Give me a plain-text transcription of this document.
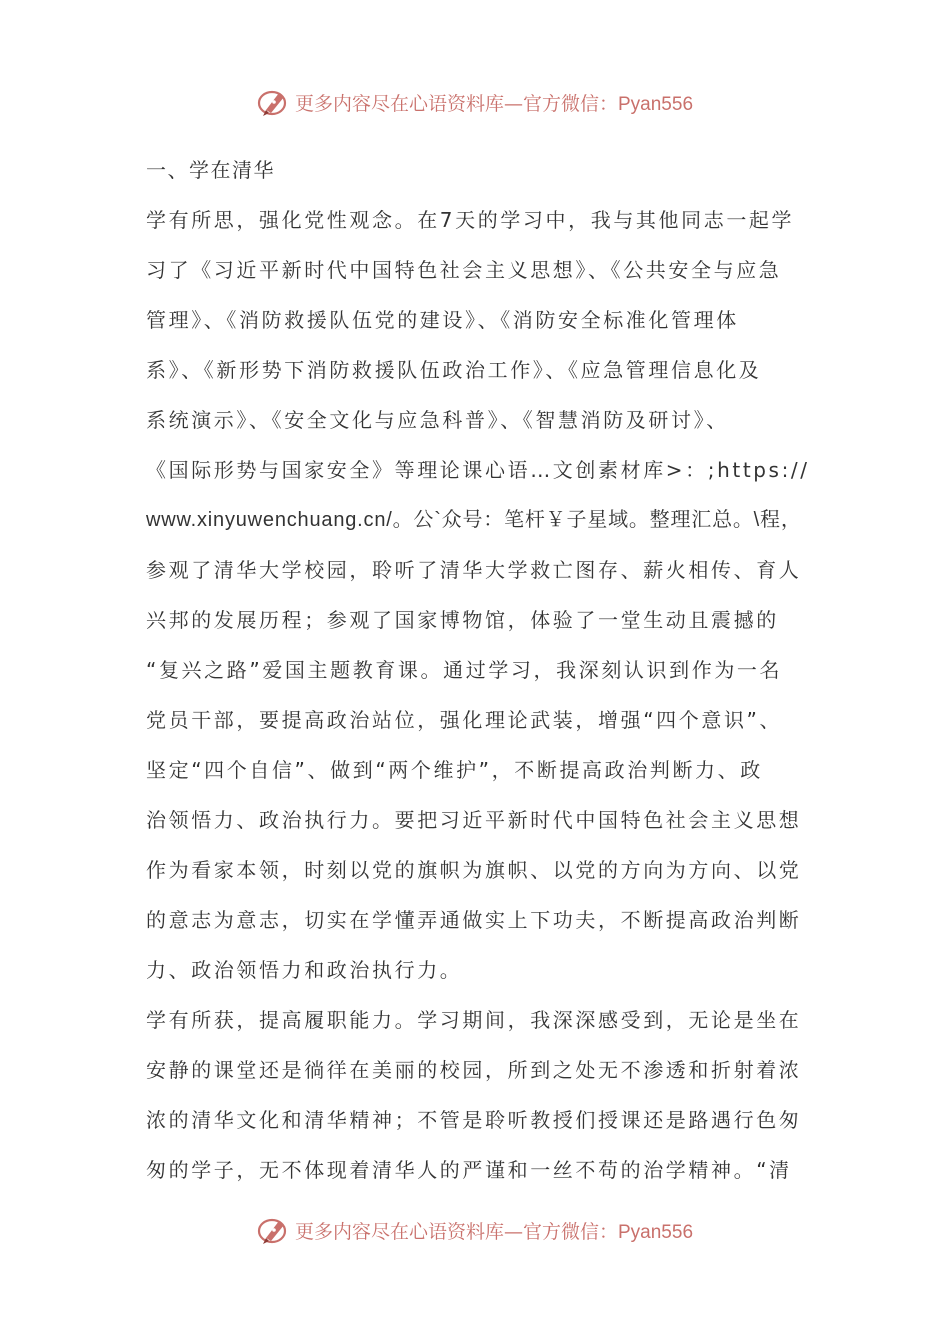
更多内容尽在心语资料库—官方微信：Pyan556
一、学在清华
学有所思，强化党性观念。在7天的学习中，我与其他同志一起学
习了《习近平新时代中国特色社会主义思想》、《公共安全与应急
管理》、《消防救援队伍党的建设》、《消防安全标准化管理体
系》、《新形势下消防救援队伍政治工作》、《应急管理信息化及
系统演示》、《安全文化与应急科普》、《智慧消防及研讨》、
《国际形势与国家安全》等理论课心语…文创素材库>：;https://
www.xinyuwenchuang.cn/。公`众号：笔杆￥子星域。整理汇总。\程，
参观了清华大学校园，聆听了清华大学救亡图存、薪火相传、育人
兴邦的发展历程；参观了国家博物馆，体验了一堂生动且震撼的
“复兴之路”爱国主题教育课。通过学习，我深刻认识到作为一名
党员干部，要提高政治站位，强化理论武装，增强“四个意识”、
坚定“四个自信”、做到“两个维护”，不断提高政治判断力、政
治领悟力、政治执行力。要把习近平新时代中国特色社会主义思想
作为看家本领，时刻以党的旗帜为旗帜、以党的方向为方向、以党
的意志为意志，切实在学懂弄通做实上下功夫，不断提高政治判断
力、政治领悟力和政治执行力。
学有所获，提高履职能力。学习期间，我深深感受到，无论是坐在
安静的课堂还是徜徉在美丽的校园，所到之处无不渗透和折射着浓
浓的清华文化和清华精神；不管是聆听教授们授课还是路遇行色匆
匆的学子，无不体现着清华人的严谨和一丝不苟的治学精神。“清
更多内容尽在心语资料库—官方微信：Pyan556
